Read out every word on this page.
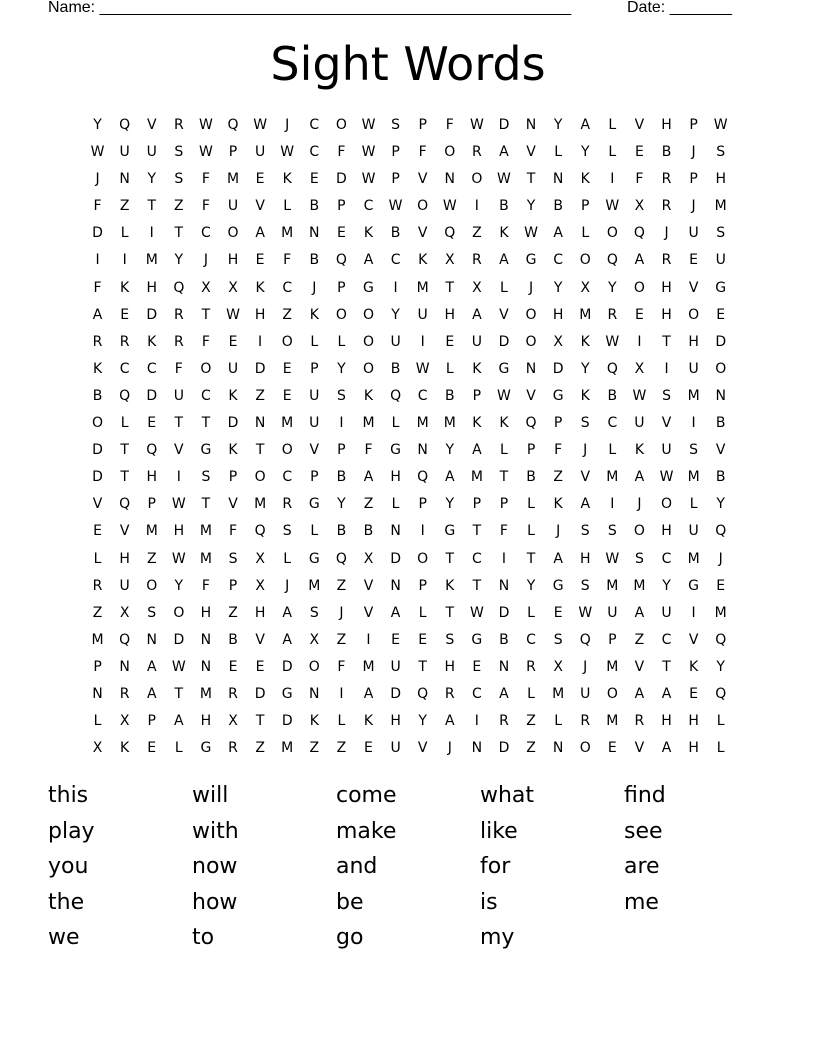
Name: _____________________________________________________	Date: _______
Sight Words
Y	Q	V	R	W	Q	W	J	C	O	W	S	P	F	W	D	N	Y	A	L	V	H	P	W
W	U	U	S	W	P	U	W	C	F	W	P	F	O	R	A	V	L	Y	L	E	B	J	S
J	N	Y	S	F	M	E	K	E	D	W	P	V	N	O	W	T	N	K	I	F	R	P	H
F	Z	T	Z	F	U	V	L	B	P	C	W	O	W	I	B	Y	B	P	W	X	R	J	M
D	L	I	T	C	O	A	M	N	E	K	B	V	Q	Z	K	W	A	L	O	Q	J	U	S
I	I	M	Y	J	H	E	F	B	Q	A	C	K	X	R	A	G	C	O	Q	A	R	E	U
F	K	H	Q	X	X	K	C	J	P	G	I	M	T	X	L	J	Y	X	Y	O	H	V	G
A	E	D	R	T	W	H	Z	K	O	O	Y	U	H	A	V	O	H	M	R	E	H	O	E
R	R	K	R	F	E	I	O	L	L	O	U	I	E	U	D	O	X	K	W	I	T	H	D
K	C	C	F	O	U	D	E	P	Y	O	B	W	L	K	G	N	D	Y	Q	X	I	U	O
B	Q	D	U	C	K	Z	E	U	S	K	Q	C	B	P	W	V	G	K	B	W	S	M	N
O	L	E	T	T	D	N	M	U	I	M	L	M	M	K	K	Q	P	S	C	U	V	I	B
D	T	Q	V	G	K	T	O	V	P	F	G	N	Y	A	L	P	F	J	L	K	U	S	V
D	T	H	I	S	P	O	C	P	B	A	H	Q	A	M	T	B	Z	V	M	A	W	M	B
V	Q	P	W	T	V	M	R	G	Y	Z	L	P	Y	P	P	L	K	A	I	J	O	L	Y
E	V	M	H	M	F	Q	S	L	B	B	N	I	G	T	F	L	J	S	S	O	H	U	Q
L	H	Z	W	M	S	X	L	G	Q	X	D	O	T	C	I	T	A	H	W	S	C	M	J
R	U	O	Y	F	P	X	J	M	Z	V	N	P	K	T	N	Y	G	S	M	M	Y	G	E
Z	X	S	O	H	Z	H	A	S	J	V	A	L	T	W	D	L	E	W	U	A	U	I	M
M	Q	N	D	N	B	V	A	X	Z	I	E	E	S	G	B	C	S	Q	P	Z	C	V	Q
P	N	A	W	N	E	E	D	O	F	M	U	T	H	E	N	R	X	J	M	V	T	K	Y
N	R	A	T	M	R	D	G	N	I	A	D	Q	R	C	A	L	M	U	O	A	A	E	Q
L	X	P	A	H	X	T	D	K	L	K	H	Y	A	I	R	Z	L	R	M	R	H	H	L
X	K	E	L	G	R	Z	M	Z	Z	E	U	V	J	N	D	Z	N	O	E	V	A	H	L
this	will	come	what	find
play	with	make	like	see
you	now	and	for	are
the	how	be	is	me
we	to	go	my
